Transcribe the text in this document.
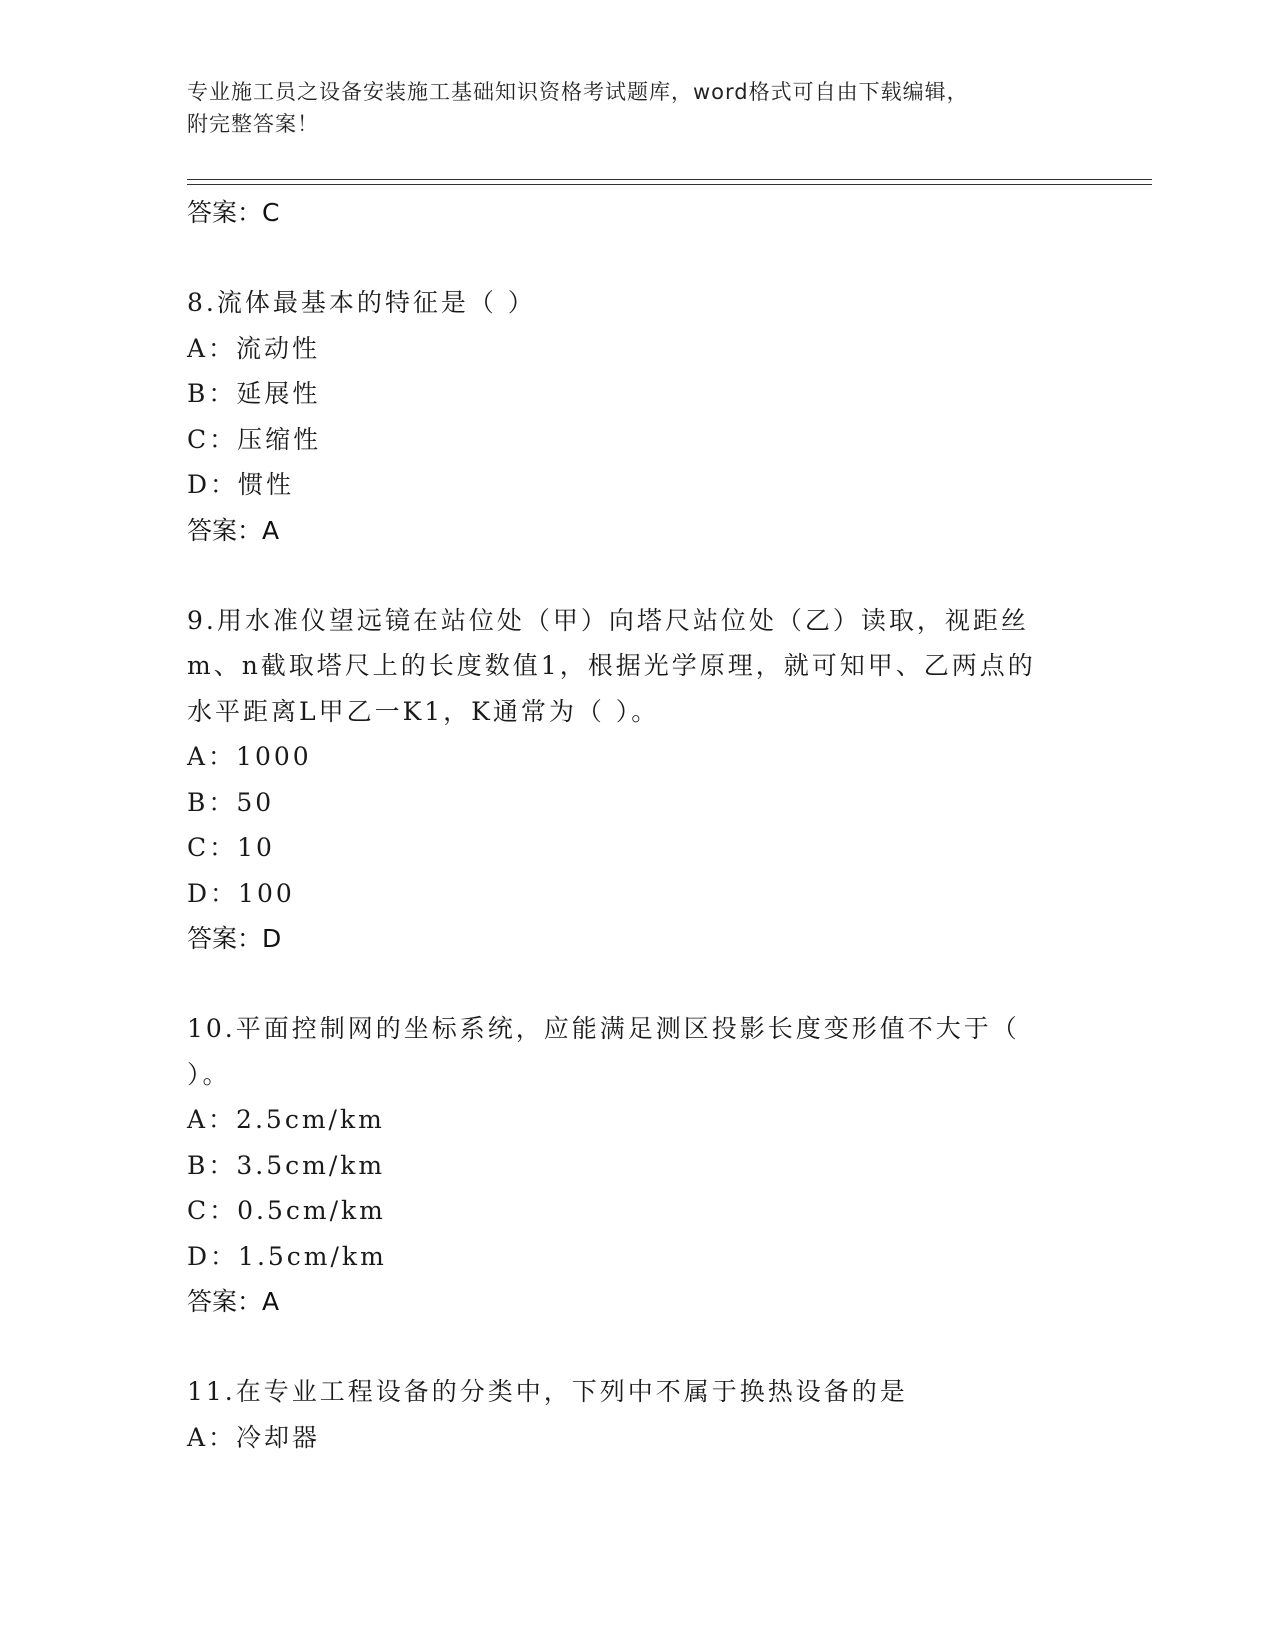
专业施工员之设备安装施工基础知识资格考试题库，word格式可自由下载编辑，
附完整答案！
答案：C
8.流体最基本的特征是（ ）
A：流动性
B：延展性
C：压缩性
D：惯性
答案：A
9.用水准仪望远镜在站位处（甲）向塔尺站位处（乙）读取，视距丝m、n截取塔尺上的长度数值1，根据光学原理，就可知甲、乙两点的水平距离L甲乙一K1，K通常为（ ）。
A：1000
B：50
C：10
D：100
答案：D
10.平面控制网的坐标系统，应能满足测区投影长度变形值不大于（ ）。
A：2.5cm/km
B：3.5cm/km
C：0.5cm/km
D：1.5cm/km
答案：A
11.在专业工程设备的分类中，下列中不属于换热设备的是
A：冷却器
